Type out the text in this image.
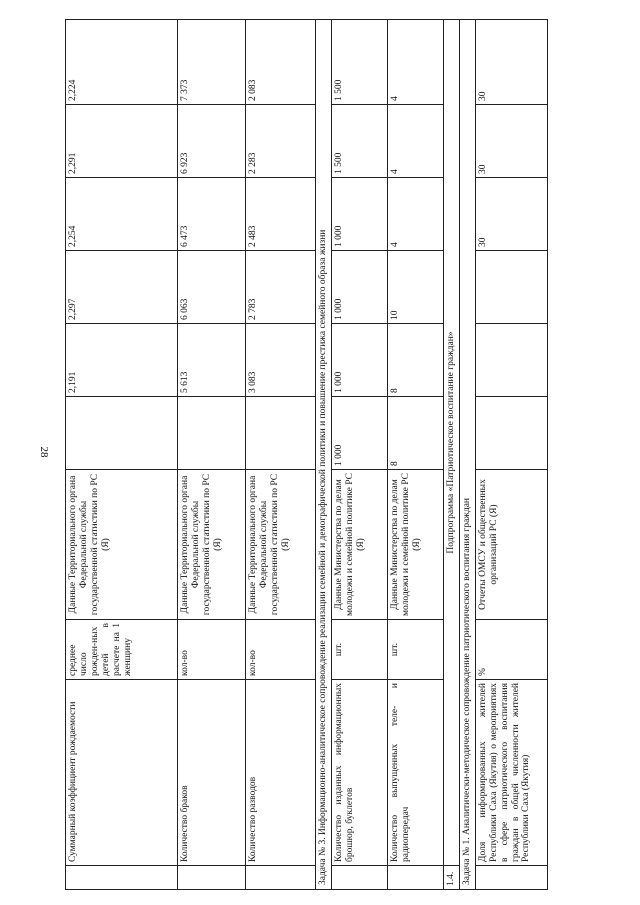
28
	Суммарный коэффициент рождаемости	среднее число рожден-ных детей в расчете на 1 женщину	Данные Территориального органа Федеральной службы государственной статистики по РС (Я)		2,191	2,297	2,254	2,291	2,224
	Количество браков	кол-во	Данные Территориального органа Федеральной службы государственной статистики по РС (Я)		5 613	6 063	6 473	6 923	7 373
	Количество разводов	кол-во	Данные Территориального органа Федеральной службы государственной статистики по РС (Я)		3 083	2 783	2 483	2 283	2 083
Задача № 3. Информационно-аналитическое сопровождение реализации семейной и демографической политики и повышение престижа семейного образа жизни									
	Количество изданных информационных брошюр, буклетов	шт.	Данные Министерства по делам молодежи и семейной политике РС (Я)	1 000	1 000	1 000	1 000	1 500	1 500
	Количество выпущенных теле- и радиопередач	шт.	Данные Министерства по делам молодежи и семейной политике РС (Я)	8	8	10	4	4	4
1.4.	Подпрограмма «Патриотическое воспитание граждан»								
Задача № 1. Аналитически-методическое сопровождение патриотического воспитания граждан									
	Доля информированных жителей Республики Саха (Якутия) о мероприятиях в сфере патриотического воспитания граждан в общей численности жителей Республики Саха (Якутия)	%	Отчеты ОМСУ и общественных организаций РС (Я)				30	30	30
